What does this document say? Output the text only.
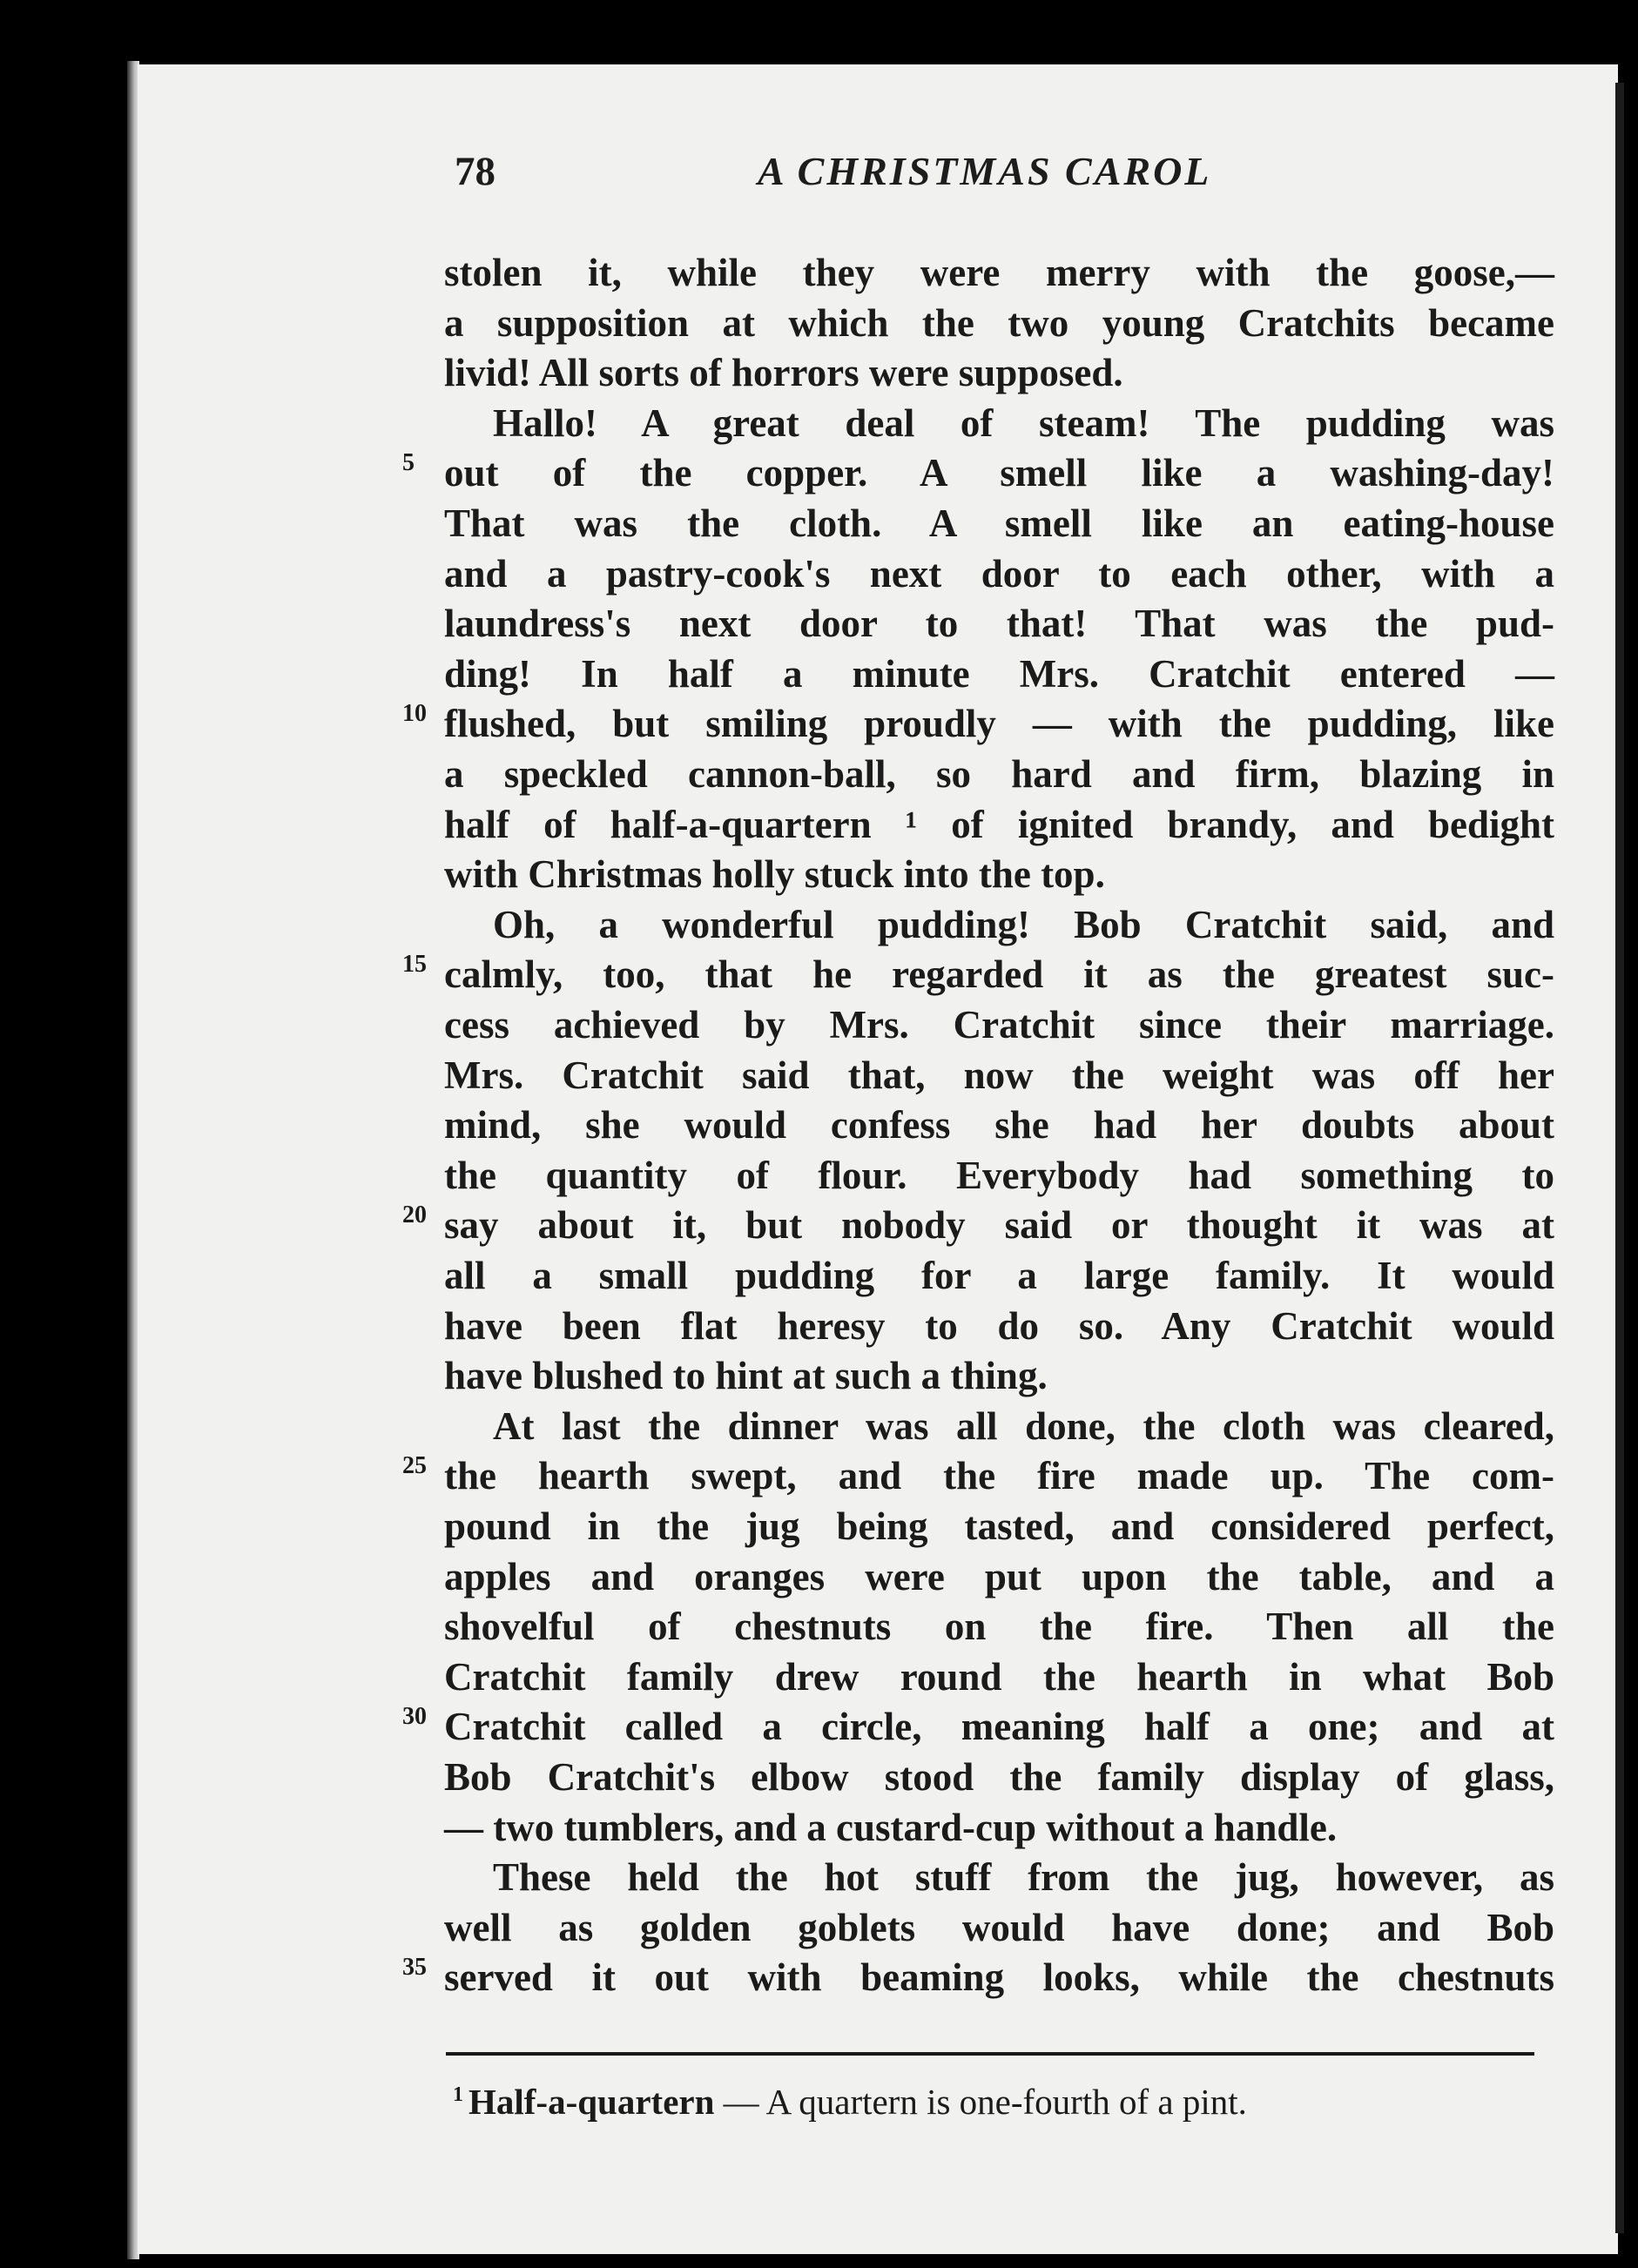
78	A CHRISTMAS CAROL
stolen it, while they were merry with the goose,—
a supposition at which the two young Cratchits became
livid! All sorts of horrors were supposed.
Hallo! A great deal of steam! The pudding was
out of the copper. A smell like a washing-day!
5
That was the cloth. A smell like an eating-house
and a pastry-cook's next door to each other, with a
laundress's next door to that! That was the pud-
ding! In half a minute Mrs. Cratchit entered —
flushed, but smiling proudly — with the pudding, like
10
a speckled cannon-ball, so hard and firm, blazing in
half of half-a-quartern ¹ of ignited brandy, and bedight
with Christmas holly stuck into the top.
Oh, a wonderful pudding! Bob Cratchit said, and
calmly, too, that he regarded it as the greatest suc-
15
cess achieved by Mrs. Cratchit since their marriage.
Mrs. Cratchit said that, now the weight was off her
mind, she would confess she had her doubts about
the quantity of flour. Everybody had something to
say about it, but nobody said or thought it was at
20
all a small pudding for a large family. It would
have been flat heresy to do so. Any Cratchit would
have blushed to hint at such a thing.
At last the dinner was all done, the cloth was cleared,
the hearth swept, and the fire made up. The com-
25
pound in the jug being tasted, and considered perfect,
apples and oranges were put upon the table, and a
shovelful of chestnuts on the fire. Then all the
Cratchit family drew round the hearth in what Bob
Cratchit called a circle, meaning half a one; and at
30
Bob Cratchit's elbow stood the family display of glass,
— two tumblers, and a custard-cup without a handle.
These held the hot stuff from the jug, however, as
well as golden goblets would have done; and Bob
served it out with beaming looks, while the chestnuts
35
$^1$ Half-a-quartern — A quartern is one-fourth of a pint.
